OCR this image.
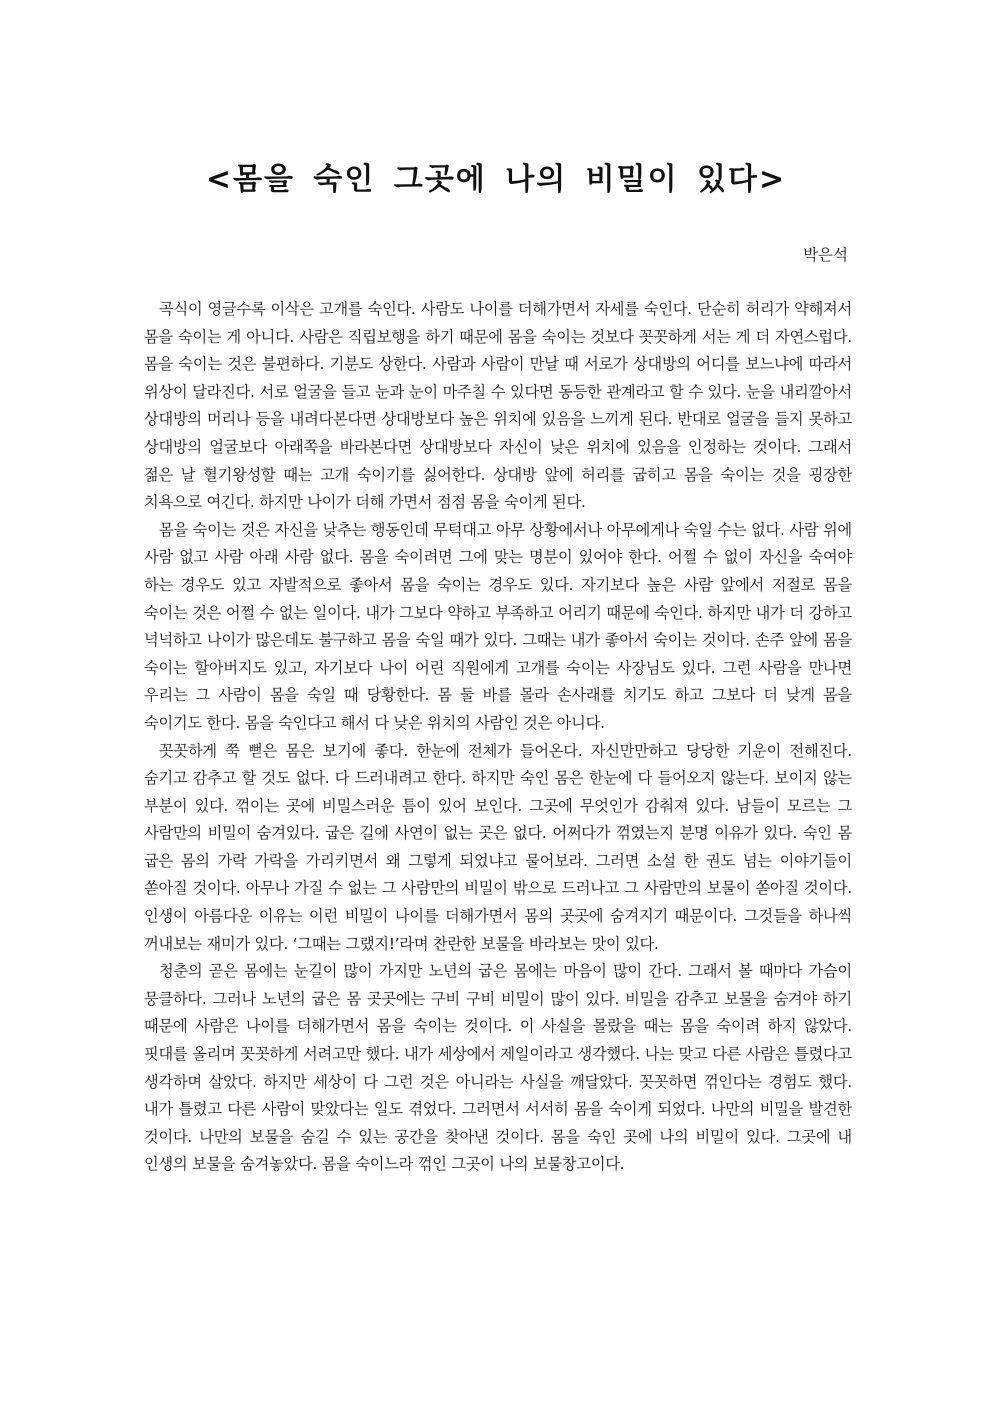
<몸을 숙인 그곳에 나의 비밀이 있다>
박은석

곡식이 영글수록 이삭은 고개를 숙인다. 사람도 나이를 더해가면서 자세를 숙인다. 단순히 허리가 약해져서 몸을 숙이는 게 아니다. 사람은 직립보행을 하기 때문에 몸을 숙이는 것보다 꼿꼿하게 서는 게 더 자연스럽다. 몸을 숙이는 것은 불편하다. 기분도 상한다. 사람과 사람이 만날 때 서로가 상대방의 어디를 보느냐에 따라서 위상이 달라진다. 서로 얼굴을 들고 눈과 눈이 마주칠 수 있다면 동등한 관계라고 할 수 있다. 눈을 내리깔아서 상대방의 머리나 등을 내려다본다면 상대방보다 높은 위치에 있음을 느끼게 된다. 반대로 얼굴을 들지 못하고 상대방의 얼굴보다 아래쪽을 바라본다면 상대방보다 자신이 낮은 위치에 있음을 인정하는 것이다. 그래서 젊은 날 혈기왕성할 때는 고개 숙이기를 싫어한다. 상대방 앞에 허리를 굽히고 몸을 숙이는 것을 굉장한 치욕으로 여긴다. 하지만 나이가 더해 가면서 점점 몸을 숙이게 된다.

몸을 숙이는 것은 자신을 낮추는 행동인데 무턱대고 아무 상황에서나 아무에게나 숙일 수는 없다. 사람 위에 사람 없고 사람 아래 사람 없다. 몸을 숙이려면 그에 맞는 명분이 있어야 한다. 어쩔 수 없이 자신을 숙여야 하는 경우도 있고 자발적으로 좋아서 몸을 숙이는 경우도 있다. 자기보다 높은 사람 앞에서 저절로 몸을 숙이는 것은 어쩔 수 없는 일이다. 내가 그보다 약하고 부족하고 어리기 때문에 숙인다. 하지만 내가 더 강하고 넉넉하고 나이가 많은데도 불구하고 몸을 숙일 때가 있다. 그때는 내가 좋아서 숙이는 것이다. 손주 앞에 몸을 숙이는 할아버지도 있고, 자기보다 나이 어린 직원에게 고개를 숙이는 사장님도 있다. 그런 사람을 만나면 우리는 그 사람이 몸을 숙일 때 당황한다. 몸 둘 바를 몰라 손사래를 치기도 하고 그보다 더 낮게 몸을 숙이기도 한다. 몸을 숙인다고 해서 다 낮은 위치의 사람인 것은 아니다.

꼿꼿하게 쭉 뻗은 몸은 보기에 좋다. 한눈에 전체가 들어온다. 자신만만하고 당당한 기운이 전해진다. 숨기고 감추고 할 것도 없다. 다 드러내려고 한다. 하지만 숙인 몸은 한눈에 다 들어오지 않는다. 보이지 않는 부분이 있다. 꺾이는 곳에 비밀스러운 틈이 있어 보인다. 그곳에 무엇인가 감춰져 있다. 남들이 모르는 그 사람만의 비밀이 숨겨있다. 굽은 길에 사연이 없는 곳은 없다. 어쩌다가 꺾였는지 분명 이유가 있다. 숙인 몸 굽은 몸의 가락 가락을 가리키면서 왜 그렇게 되었냐고 물어보라. 그러면 소설 한 권도 넘는 이야기들이 쏟아질 것이다. 아무나 가질 수 없는 그 사람만의 비밀이 밖으로 드러나고 그 사람만의 보물이 쏟아질 것이다. 인생이 아름다운 이유는 이런 비밀이 나이를 더해가면서 몸의 곳곳에 숨겨지기 때문이다. 그것들을 하나씩 꺼내보는 재미가 있다. ‘그때는 그랬지!’라며 찬란한 보물을 바라보는 맛이 있다.

청춘의 곧은 몸에는 눈길이 많이 가지만 노년의 굽은 몸에는 마음이 많이 간다. 그래서 볼 때마다 가슴이 뭉클하다. 그러나 노년의 굽은 몸 곳곳에는 구비 구비 비밀이 많이 있다. 비밀을 감추고 보물을 숨겨야 하기 때문에 사람은 나이를 더해가면서 몸을 숙이는 것이다. 이 사실을 몰랐을 때는 몸을 숙이려 하지 않았다. 핏대를 올리며 꼿꼿하게 서려고만 했다. 내가 세상에서 제일이라고 생각했다. 나는 맞고 다른 사람은 틀렸다고 생각하며 살았다. 하지만 세상이 다 그런 것은 아니라는 사실을 깨달았다. 꼿꼿하면 꺾인다는 경험도 했다. 내가 틀렸고 다른 사람이 맞았다는 일도 겪었다. 그러면서 서서히 몸을 숙이게 되었다. 나만의 비밀을 발견한 것이다. 나만의 보물을 숨길 수 있는 공간을 찾아낸 것이다. 몸을 숙인 곳에 나의 비밀이 있다. 그곳에 내 인생의 보물을 숨겨놓았다. 몸을 숙이느라 꺾인 그곳이 나의 보물창고이다.
